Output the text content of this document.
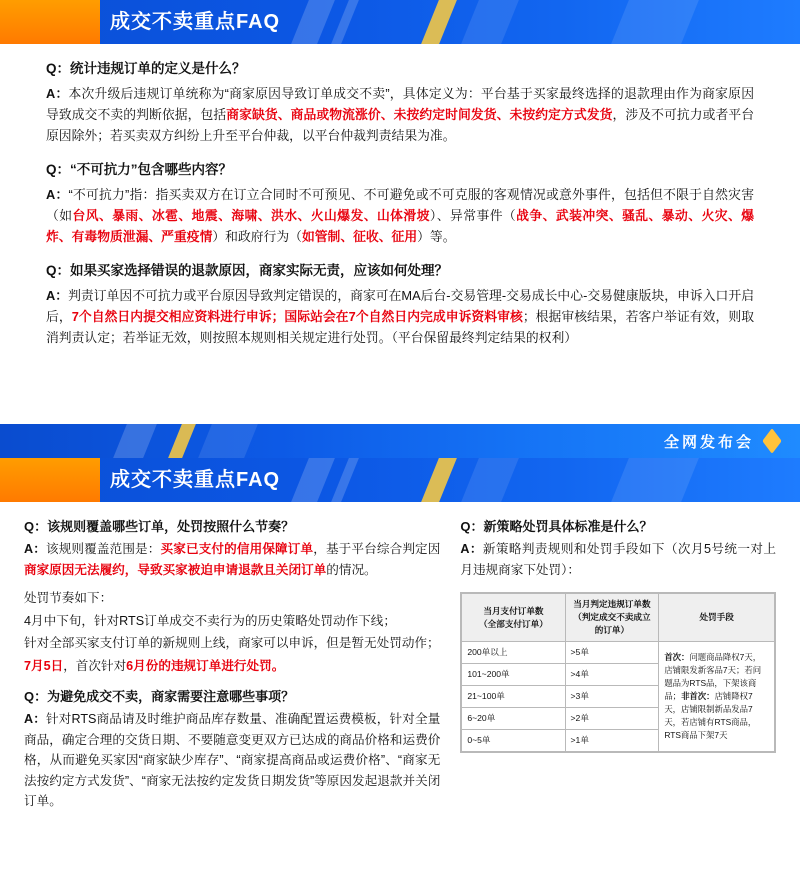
成交不卖重点FAQ
Q：统计违规订单的定义是什么？
A：本次升级后违规订单统称为“商家原因导致订单成交不卖”，具体定义为：平台基于买家最终选择的退款理由作为商家原因导致成交不卖的判断依据，包括商家缺货、商品或物流涨价、未按约定时间发货、未按约定方式发货，涉及不可抗力或者平台原因除外；若买卖双方纠纷上升至平台仲裁，以平台仲裁判责结果为准。
Q：“不可抗力”包含哪些内容？
A：“不可抗力”指：指买卖双方在订立合同时不可预见、不可避免或不可克服的客观情况或意外事件，包括但不限于自然灾害（如台风、暴雨、冰雹、地震、海啸、洪水、火山爆发、山体滑坡）、异常事件（战争、武装冲突、骚乱、暴动、火灾、爆炸、有毒物质泄漏、严重疫情）和政府行为（如管制、征收、征用）等。
Q：如果买家选择错误的退款原因，商家实际无责，应该如何处理？
A：判责订单因不可抗力或平台原因导致判定错误的，商家可在MA后台-交易管理-交易成长中心-交易健康版块，申诉入口开启后，7个自然日内提交相应资料进行申诉；国际站会在7个自然日内完成申诉资料审核；根据审核结果，若客户举证有效，则取消判责认定；若举证无效，则按照本规则相关规定进行处罚。（平台保留最终判定结果的权利）
全网发布会
成交不卖重点FAQ
Q：该规则覆盖哪些订单，处罚按照什么节奏？
A：该规则覆盖范围是：买家已支付的信用保障订单，基于平台综合判定因商家原因无法履约，导致买家被迫申请退款且关闭订单的情况。
处罚节奏如下：
4月中下旬，针对RTS订单成交不卖行为的历史策略处罚动作下线；
针对全部买家支付订单的新规则上线，商家可以申诉，但是暂无处罚动作；
7月5日，首次针对6月份的违规订单进行处罚。
Q：为避免成交不卖，商家需要注意哪些事项？
A：针对RTS商品请及时维护商品库存数量、准确配置运费模板，针对全量商品，确定合理的交货日期、不要随意变更双方已达成的商品价格和运费价格，从而避免买家因“商家缺少库存”、“商家提高商品或运费价格”、“商家无法按约定方式发货”、“商家无法按约定发货日期发货”等原因发起退款并关闭订单。
Q：新策略处罚具体标准是什么？
A：新策略判责规则和处罚手段如下（次月5号统一对上月违规商家下处罚）：
当月支付订单数
（全部支付订单）	当月判定违规订单数
（判定成交不卖成立的订单）	处罚手段
200单以上	>5单	首次：问题商品降权7天，店铺限发新客品7天；若问题品为RTS品，下架该商品；非首次：店铺降权7天，店铺限制新品发品7天，若店铺有RTS商品，RTS商品下架7天
101~200单	>4单	
21~100单	>3单	
6~20单	>2单	
0~5单	>1单	
